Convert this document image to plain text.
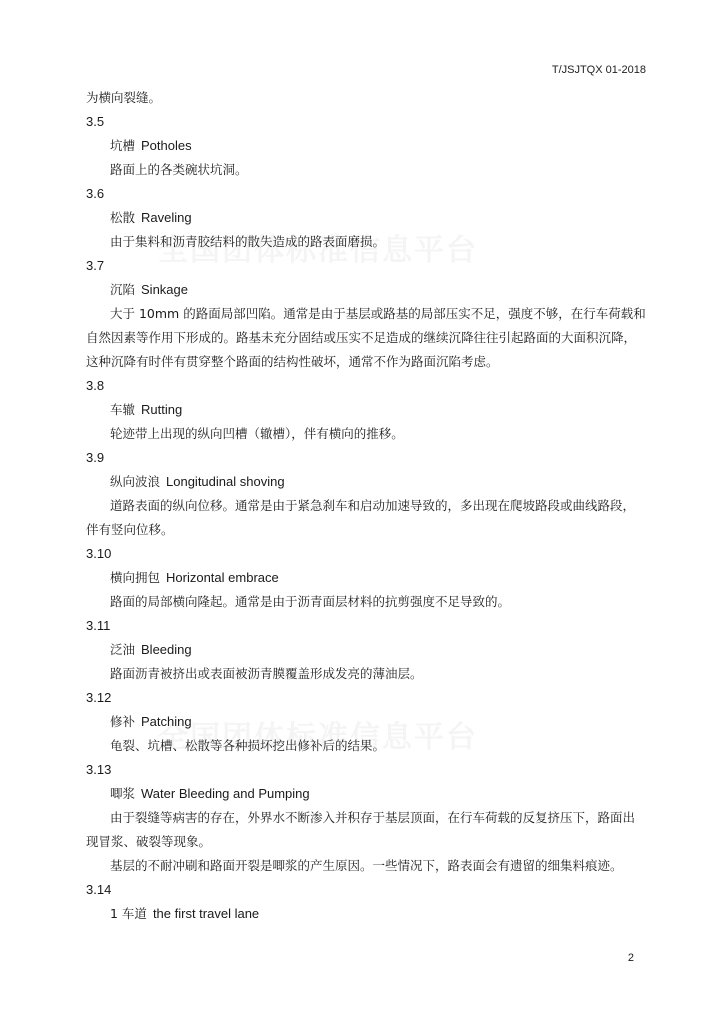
T/JSJTQX 01-2018

为横向裂缝。

3.5

坑槽 Potholes

路面上的各类碗状坑洞。

3.6

松散 Raveling

由于集料和沥青胶结料的散失造成的路表面磨损。

3.7

沉陷 Sinkage

大于 10mm 的路面局部凹陷。通常是由于基层或路基的局部压实不足，强度不够，在行车荷载和自然因素等作用下形成的。路基未充分固结或压实不足造成的继续沉降往往引起路面的大面积沉降，这种沉降有时伴有贯穿整个路面的结构性破坏，通常不作为路面沉陷考虑。

3.8

车辙 Rutting

轮迹带上出现的纵向凹槽（辙槽），伴有横向的推移。

3.9

纵向波浪 Longitudinal shoving

道路表面的纵向位移。通常是由于紧急刹车和启动加速导致的，多出现在爬坡路段或曲线路段，伴有竖向位移。

3.10

横向拥包 Horizontal embrace

路面的局部横向隆起。通常是由于沥青面层材料的抗剪强度不足导致的。

3.11

泛油 Bleeding

路面沥青被挤出或表面被沥青膜覆盖形成发亮的薄油层。

3.12

修补 Patching

龟裂、坑槽、松散等各种损坏挖出修补后的结果。

3.13

唧浆 Water Bleeding and Pumping

由于裂缝等病害的存在，外界水不断渗入并积存于基层顶面，在行车荷载的反复挤压下，路面出现冒浆、破裂等现象。

基层的不耐冲刷和路面开裂是唧浆的产生原因。一些情况下，路表面会有遗留的细集料痕迹。

3.14

1 车道 the first travel lane

2
